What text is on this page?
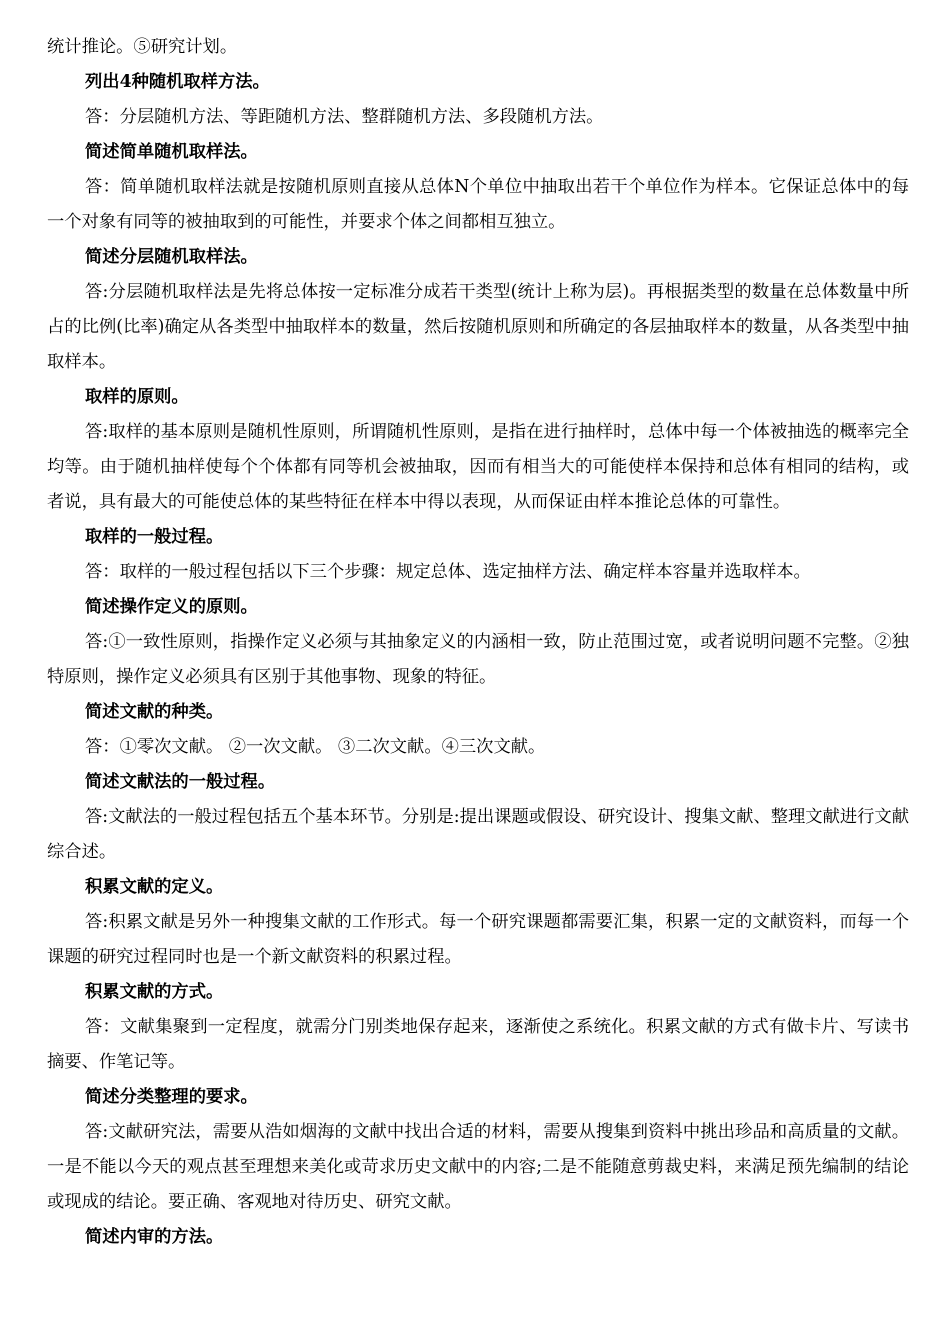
统计推论。⑤研究计划。
列出4种随机取样方法。
答：分层随机方法、等距随机方法、整群随机方法、多段随机方法。
简述简单随机取样法。
答：简单随机取样法就是按随机原则直接从总体N个单位中抽取出若干个单位作为样本。它保证总体中的每一个对象有同等的被抽取到的可能性，并要求个体之间都相互独立。
简述分层随机取样法。
答:分层随机取样法是先将总体按一定标准分成若干类型(统计上称为层)。再根据类型的数量在总体数量中所占的比例(比率)确定从各类型中抽取样本的数量，然后按随机原则和所确定的各层抽取样本的数量，从各类型中抽取样本。
取样的原则。
答:取样的基本原则是随机性原则，所谓随机性原则，是指在进行抽样时，总体中每一个体被抽选的概率完全均等。由于随机抽样使每个个体都有同等机会被抽取，因而有相当大的可能使样本保持和总体有相同的结构，或者说，具有最大的可能使总体的某些特征在样本中得以表现，从而保证由样本推论总体的可靠性。
取样的一般过程。
答：取样的一般过程包括以下三个步骤：规定总体、选定抽样方法、确定样本容量并选取样本。
简述操作定义的原则。
答:①一致性原则，指操作定义必须与其抽象定义的内涵相一致，防止范围过宽，或者说明问题不完整。②独特原则，操作定义必须具有区别于其他事物、现象的特征。
简述文献的种类。
答：①零次文献。 ②一次文献。 ③二次文献。④三次文献。
简述文献法的一般过程。
答:文献法的一般过程包括五个基本环节。分别是:提出课题或假设、研究设计、搜集文献、整理文献进行文献综合述。
积累文献的定义。
答:积累文献是另外一种搜集文献的工作形式。每一个研究课题都需要汇集，积累一定的文献资料，而每一个课题的研究过程同时也是一个新文献资料的积累过程。
积累文献的方式。
答：文献集聚到一定程度，就需分门别类地保存起来，逐渐使之系统化。积累文献的方式有做卡片、写读书摘要、作笔记等。
简述分类整理的要求。
答:文献研究法，需要从浩如烟海的文献中找出合适的材料，需要从搜集到资料中挑出珍品和高质量的文献。一是不能以今天的观点甚至理想来美化或苛求历史文献中的内容;二是不能随意剪裁史料，来满足预先编制的结论或现成的结论。要正确、客观地对待历史、研究文献。
简述内审的方法。
